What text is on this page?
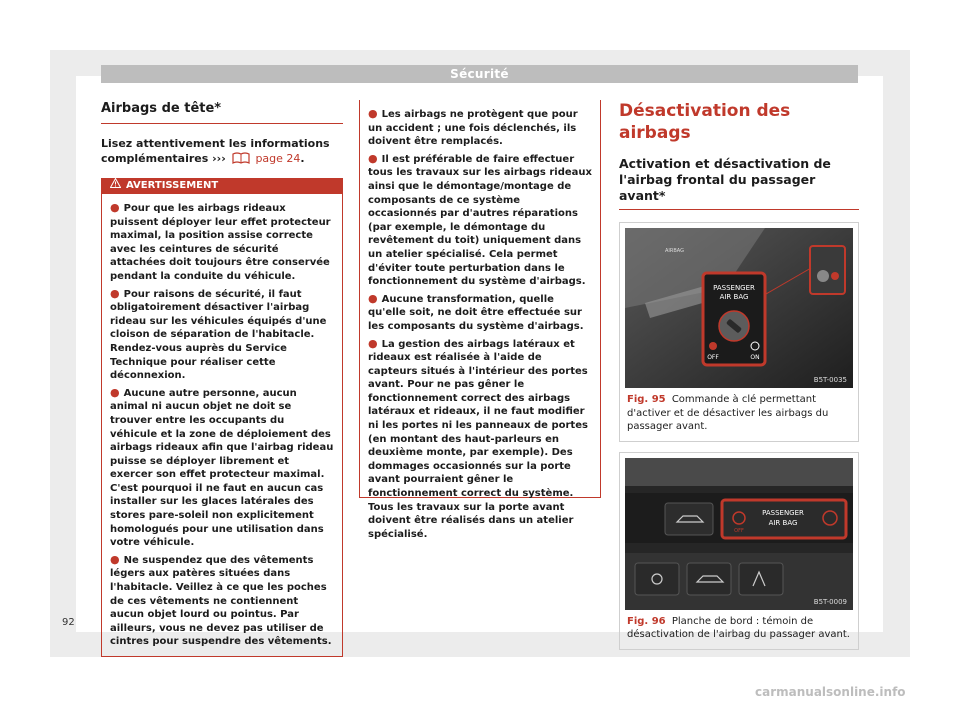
Sécurité
Airbags de tête*
Lisez attentivement les informations complémentaires ›››	page 24.
AVERTISSEMENT
● Pour que les airbags rideaux puissent déployer leur effet protecteur maximal, la position assise correcte avec les ceintures de sécurité attachées doit toujours être conservée pendant la conduite du véhicule.
● Pour raisons de sécurité, il faut obligatoirement désactiver l'airbag rideau sur les véhicules équipés d'une cloison de séparation de l'habitacle. Rendez-vous auprès du Service Technique pour réaliser cette déconnexion.
● Aucune autre personne, aucun animal ni aucun objet ne doit se trouver entre les occupants du véhicule et la zone de déploiement des airbags rideaux afin que l'airbag rideau puisse se déployer librement et exercer son effet protecteur maximal. C'est pourquoi il ne faut en aucun cas installer sur les glaces latérales des stores pare-soleil non explicitement homologués pour une utilisation dans votre véhicule.
● Ne suspendez que des vêtements légers aux patères situées dans l'habitacle. Veillez à ce que les poches de ces vêtements ne contiennent aucun objet lourd ou pointus. Par ailleurs, vous ne devez pas utiliser de cintres pour suspendre des vêtements.
● Les airbags ne protègent que pour un accident ; une fois déclenchés, ils doivent être remplacés.
● Il est préférable de faire effectuer tous les travaux sur les airbags rideaux ainsi que le démontage/montage de composants de ce système occasionnés par d'autres réparations (par exemple, le démontage du revêtement du toit) uniquement dans un atelier spécialisé. Cela permet d'éviter toute perturbation dans le fonctionnement du système d'airbags.
● Aucune transformation, quelle qu'elle soit, ne doit être effectuée sur les composants du système d'airbags.
● La gestion des airbags latéraux et rideaux est réalisée à l'aide de capteurs situés à l'intérieur des portes avant. Pour ne pas gêner le fonctionnement correct des airbags latéraux et rideaux, il ne faut modifier ni les portes ni les panneaux de portes (en montant des haut-parleurs en deuxième monte, par exemple). Des dommages occasionnés sur la porte avant pourraient gêner le fonctionnement correct du système. Tous les travaux sur la porte avant doivent être réalisés dans un atelier spécialisé.
Désactivation des airbags
Activation et désactivation de l'airbag frontal du passager avant*
PASSENGER
AIR BAG
OFF	ON
AIRBAG
B5T-0035
Fig. 95 Commande à clé permettant d'activer et de désactiver les airbags du passager avant.
PASSENGER
AIR BAG
OFF
B5T-0009
Fig. 96 Planche de bord : témoin de désactivation de l'airbag du passager avant.
92
carmanualsonline.info
